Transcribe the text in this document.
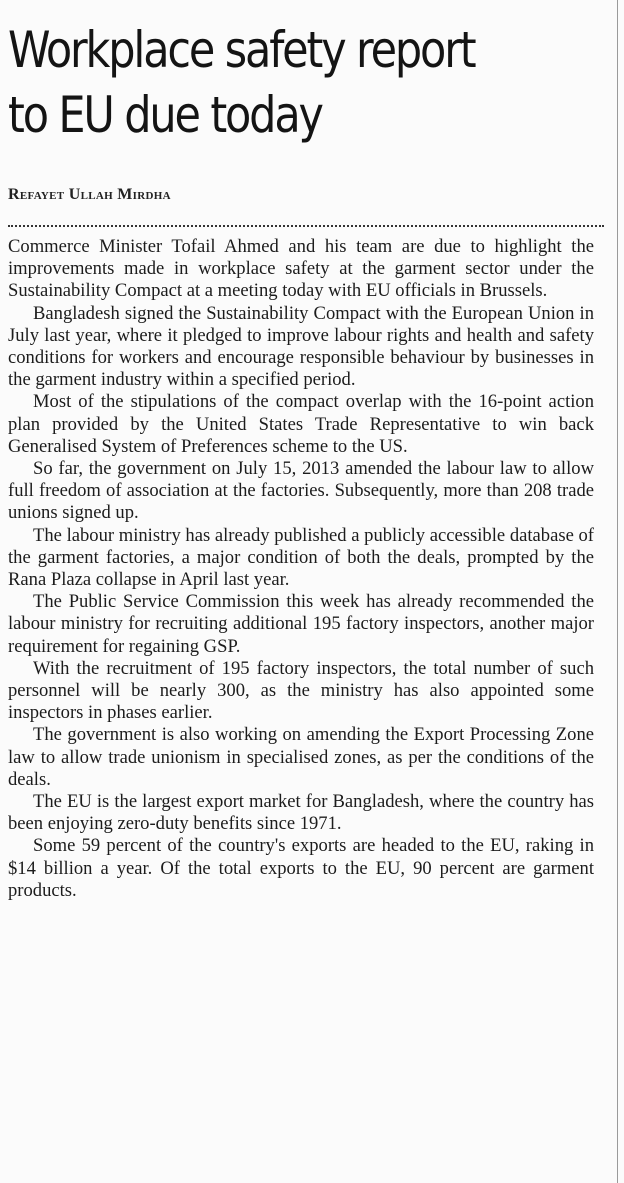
Workplace safety report to EU due today
Refayet Ullah Mirdha

Commerce Minister Tofail Ahmed and his team are due to highlight the improvements made in workplace safety at the garment sector under the Sustainability Compact at a meeting today with EU officials in Brussels.

Bangladesh signed the Sustainability Compact with the European Union in July last year, where it pledged to improve labour rights and health and safety conditions for workers and encourage responsible behaviour by businesses in the garment industry within a specified period.

Most of the stipulations of the compact overlap with the 16-point action plan provided by the United States Trade Representative to win back Generalised System of Preferences scheme to the US.

So far, the government on July 15, 2013 amended the labour law to allow full freedom of association at the factories. Subsequently, more than 208 trade unions signed up.

The labour ministry has already published a publicly accessible database of the garment factories, a major condition of both the deals, prompted by the Rana Plaza collapse in April last year.

The Public Service Commission this week has already recommended the labour ministry for recruiting additional 195 factory inspectors, another major requirement for regaining GSP.

With the recruitment of 195 factory inspectors, the total number of such personnel will be nearly 300, as the ministry has also appointed some inspectors in phases earlier.

The government is also working on amending the Export Processing Zone law to allow trade unionism in specialised zones, as per the conditions of the deals.

The EU is the largest export market for Bangladesh, where the country has been enjoying zero-duty benefits since 1971.

Some 59 percent of the country's exports are headed to the EU, raking in $14 billion a year. Of the total exports to the EU, 90 percent are garment products.
